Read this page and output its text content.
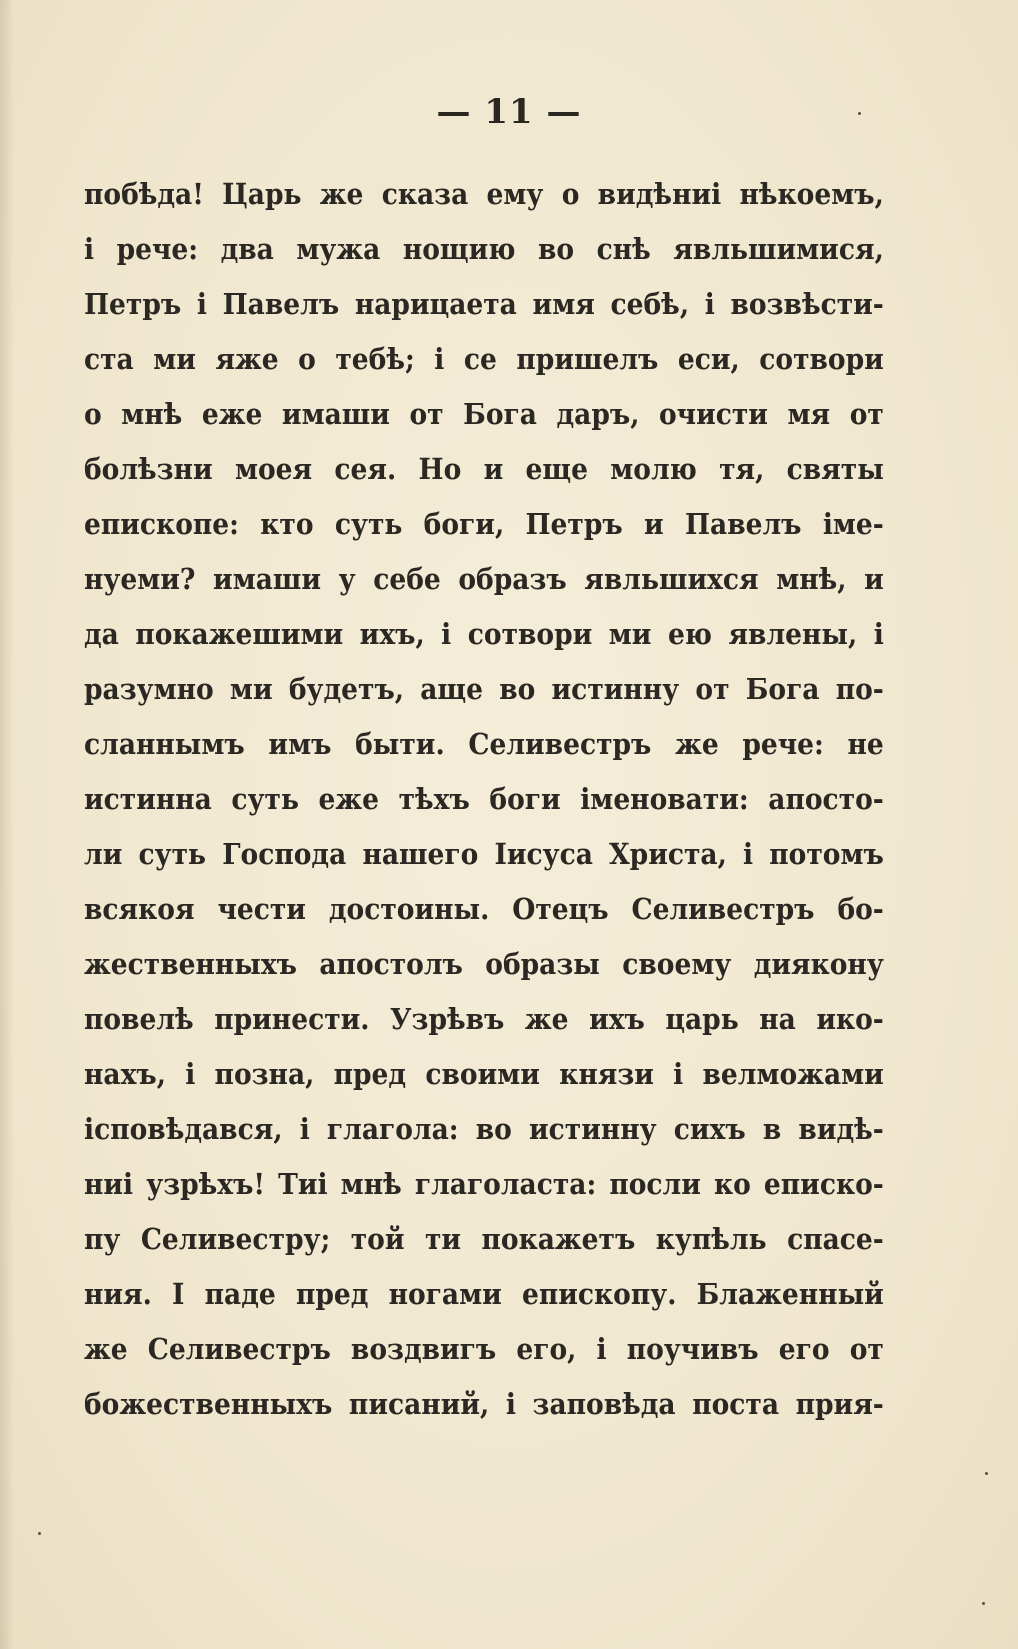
— 11 —
побѣда! Царь же сказа ему о видѣниі нѣкоемъ,
і рече: два мужа нощию во снѣ явльшимися,
Петръ і Павелъ нарицаета имя себѣ, і возвѣсти-
ста ми яже о тебѣ; і се пришелъ еси, сотвори
о мнѣ еже имаши от Бога даръ, очисти мя от
болѣзни моея сея. Но и еще молю тя, святы
епископе: кто суть боги, Петръ и Павелъ іме-
нуеми? имаши у себе образъ явльшихся мнѣ, и
да покажешими ихъ, і сотвори ми ею явлены, і
разумно ми будетъ, аще во истинну от Бога по-
сланнымъ имъ быти. Селивестръ же рече: не
истинна суть еже тѣхъ боги іменовати: апосто-
ли суть Господа нашего Іисуса Христа, і потомъ
всякоя чести достоины. Отецъ Селивестръ бо-
жественныхъ апостолъ образы своему диякону
повелѣ принести. Узрѣвъ же ихъ царь на ико-
нахъ, і позна, пред своими князи і велможами
іcповѣдався, і глагола: во истинну сихъ в видѣ-
ниі узрѣхъ! Тиі мнѣ глаголаста: посли ко еписко-
пу Селивестру; той ти покажетъ купѣль спасе-
ния. І паде пред ногами епископу. Блаженный
же Селивестръ воздвигъ его, і поучивъ его от
божественныхъ писаний, і заповѣда поста прия-
